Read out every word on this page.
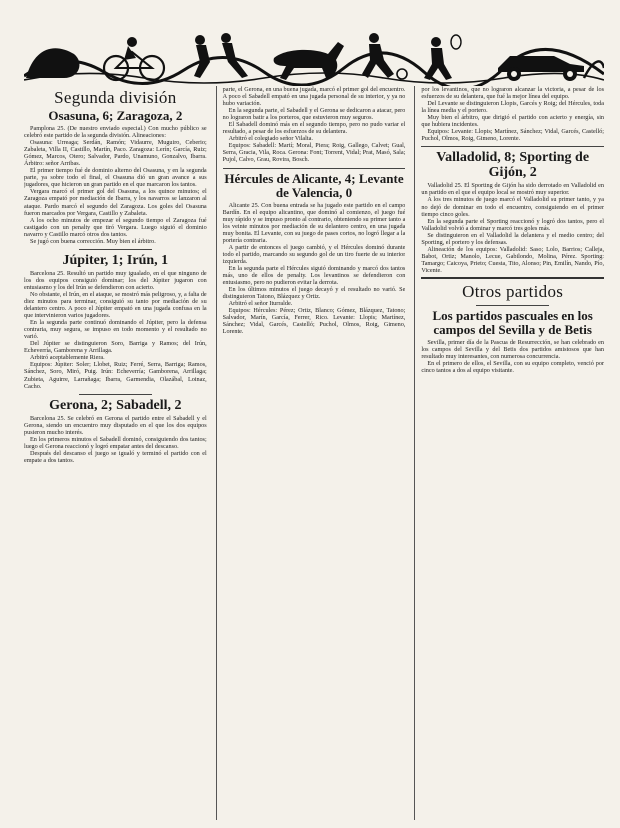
Segunda división
Osasuna, 6; Zaragoza, 2

Pamplona 25. (De nuestro enviado especial.) Con mucho público se celebró este partido de la segunda división. Alineaciones:

Osasuna: Urreaga; Serdán, Ramón; Vidaurre, Muguiro, Ceberio; Zabaleta, Villa II, Castillo, Martín, Paco. Zaragoza: Lerín; García, Ruiz; Gómez, Marcos, Otero; Salvador, Pardo, Unamuno, Gonzalvo, Ibarra. Árbitro: señor Arribas.

El primer tiempo fué de dominio alterno del Osasuna, y en la segunda parte, ya sobre todo el final, el Osasuna dió un gran avance a sus jugadores, que hicieron un gran partido en el que marcaron los tantos.

Vergara marcó el primer gol del Osasuna, a los quince minutos; el Zaragoza empató por mediación de Ibarra, y los navarros se lanzaron al ataque. Pardo marcó el segundo del Zaragoza. Los goles del Osasuna fueron marcados por Vergara, Castillo y Zabaleta.

A los ocho minutos de empezar el segundo tiempo el Zaragoza fué castigado con un penalty que tiró Vergara. Luego siguió el dominio navarro y Castillo marcó otros dos tantos.

Se jugó con buena corrección. Muy bien el árbitro.

Júpiter, 1; Irún, 1

Barcelona 25. Resultó un partido muy igualado, en el que ninguno de los dos equipos consiguió dominar; los del Júpiter jugaron con entusiasmo y los del Irún se defendieron con acierto.

No obstante, el Irún, en el ataque, se mostró más peligroso, y, a falta de diez minutos para terminar, consiguió su tanto por mediación de su delantero centro. A poco el Júpiter empató en una jugada confusa en la que intervinieron varios jugadores.

En la segunda parte continuó dominando el Júpiter, pero la defensa contraria, muy segura, se impuso en todo momento y el resultado no varió.

Del Júpiter se distinguieron Soro, Barriga y Ramos; del Irún, Echeverría, Gamborena y Arrillaga.

Arbitró aceptablemente Riera.

Equipos: Júpiter: Soler; Llobet, Ruiz; Ferré, Serra, Barriga; Ramos, Sánchez, Soro, Miró, Puig. Irún: Echeverría; Gamborena, Arrillaga; Zubieta, Aguirre, Larrañaga; Ibarra, Garmendia, Olazábal, Loinaz, Cacho.

Gerona, 2; Sabadell, 2

Barcelona 25. Se celebró en Gerona el partido entre el Sabadell y el Gerona, siendo un encuentro muy disputado en el que los dos equipos pusieron mucho interés.

En los primeros minutos el Sabadell dominó, consiguiendo dos tantos; luego el Gerona reaccionó y logró empatar antes del descanso.

Después del descanso el juego se igualó y terminó el partido con el empate a dos tantos.

parte, el Gerona, en una buena jugada, marcó el primer gol del encuentro. A poco el Sabadell empató en una jugada personal de su interior, y ya no hubo variación.

En la segunda parte, el Sabadell y el Gerona se dedicaron a atacar, pero no lograron batir a los porteros, que estuvieron muy seguros.

El Sabadell dominó más en el segundo tiempo, pero no pudo variar el resultado, a pesar de los esfuerzos de su delantera.

Arbitró el colegiado señor Vilalta.

Equipos: Sabadell: Martí; Moral, Piera; Roig, Gallego, Calvet; Gual, Serra, Gracia, Vila, Roca. Gerona: Font; Torrent, Vidal; Prat, Masó, Sala; Pujol, Calvo, Grau, Rovira, Bosch.

Hércules de Alicante, 4; Levante de Valencia, 0

Alicante 25. Con buena entrada se ha jugado este partido en el campo Bardín. En el equipo alicantino, que dominó al comienzo, el juego fué muy rápido y se impuso pronto al contrario, obteniendo su primer tanto a los veinte minutos por mediación de su delantero centro, en una jugada muy bonita. El Levante, con su juego de pases cortos, no logró llegar a la portería contraria.

A partir de entonces el juego cambió, y el Hércules dominó durante todo el partido, marcando su segundo gol de un tiro fuerte de su interior izquierda.

En la segunda parte el Hércules siguió dominando y marcó dos tantos más, uno de ellos de penalty. Los levantinos se defendieron con entusiasmo, pero no pudieron evitar la derrota.

En los últimos minutos el juego decayó y el resultado no varió. Se distinguieron Tatono, Blázquez y Ortiz.

Arbitró el señor Iturralde.

Equipos: Hércules: Pérez; Ortiz, Blanco; Gómez, Blázquez, Tatono; Salvador, Marín, García, Ferrer, Rico. Levante: Llopis; Martínez, Sánchez; Vidal, Garcés, Castelló; Puchol, Olmos, Roig, Gimeno, Lorente.

por los levantinos, que no lograron alcanzar la victoria, a pesar de los esfuerzos de su delantera, que fué la mejor línea del equipo.

Del Levante se distinguieron Llopis, Garcés y Roig; del Hércules, toda la línea media y el portero.

Muy bien el árbitro, que dirigió el partido con acierto y energía, sin que hubiera incidentes.

Equipos: Levante: Llopis; Martínez, Sánchez; Vidal, Garcés, Castelló; Puchol, Olmos, Roig, Gimeno, Lorente.

Valladolid, 8; Sporting de Gijón, 2

Valladolid 25. El Sporting de Gijón ha sido derrotado en Valladolid en un partido en el que el equipo local se mostró muy superior.

A los tres minutos de juego marcó el Valladolid su primer tanto, y ya no dejó de dominar en todo el encuentro, consiguiendo en el primer tiempo cinco goles.

En la segunda parte el Sporting reaccionó y logró dos tantos, pero el Valladolid volvió a dominar y marcó tres goles más.

Se distinguieron en el Valladolid la delantera y el medio centro; del Sporting, el portero y los defensas.

Alineación de los equipos: Valladolid: Saso; Lolo, Barrios; Calleja, Babot, Ortiz; Manolo, Lecue, Gabilondo, Molina, Pérez. Sporting: Tamargo; Caicoya, Prieto; Cuesta, Tito, Alonso; Pin, Emilín, Nando, Pío, Vicente.

Otros partidos
Los partidos pascuales en los campos del Sevilla y de Betis

Sevilla, primer día de la Pascua de Resurrección, se han celebrado en los campos del Sevilla y del Betis dos partidos amistosos que han resultado muy interesantes, con numerosa concurrencia.

En el primero de ellos, el Sevilla, con su equipo completo, venció por cinco tantos a dos al equipo visitante.
